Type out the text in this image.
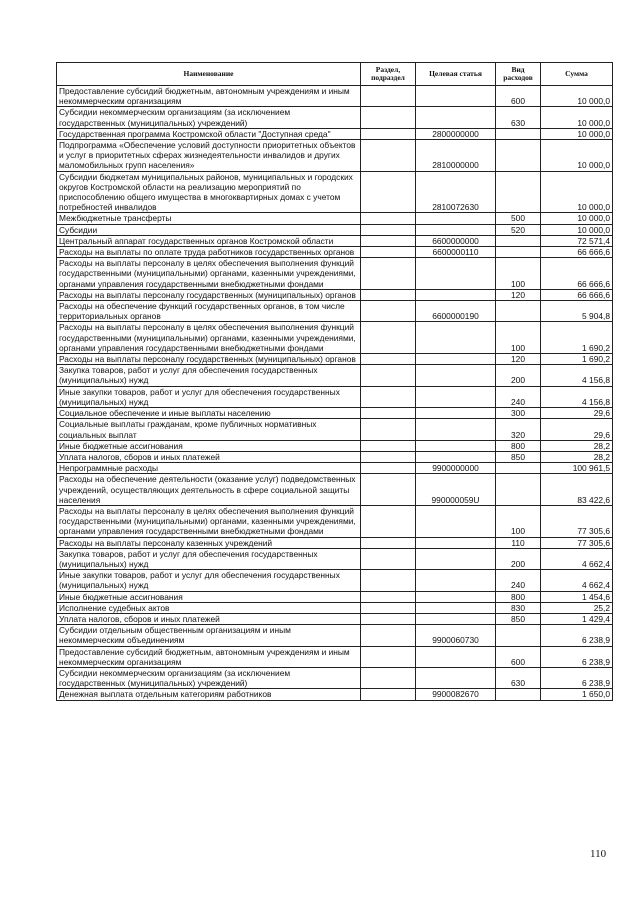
Наименование	Раздел, подраздел	Целевая статья	Вид расходов	Сумма
Предоставление субсидий бюджетным, автономным учреждениям и иным некоммерческим организациям			600	10 000,0
Субсидии некоммерческим организациям (за исключением государственных (муниципальных) учреждений)			630	10 000,0
Государственная программа Костромской области "Доступная среда"		2800000000		10 000,0
Подпрограмма «Обеспечение условий доступности приоритетных объектов и услуг в приоритетных сферах жизнедеятельности инвалидов и других маломобильных групп населения»		2810000000		10 000,0
Субсидии бюджетам муниципальных районов, муниципальных и городских округов Костромской области на реализацию мероприятий по приспособлению общего имущества в многоквартирных домах с учетом потребностей инвалидов		2810072630		10 000,0
Межбюджетные трансферты			500	10 000,0
Субсидии			520	10 000,0
Центральный аппарат государственных органов Костромской области		6600000000		72 571,4
Расходы на выплаты по оплате труда работников государственных органов		6600000110		66 666,6
Расходы на выплаты персоналу в целях обеспечения выполнения функций государственными (муниципальными) органами, казенными учреждениями, органами управления государственными внебюджетными фондами			100	66 666,6
Расходы на выплаты персоналу государственных (муниципальных) органов			120	66 666,6
Расходы на обеспечение функций государственных органов, в том числе территориальных органов		6600000190		5 904,8
Расходы на выплаты персоналу в целях обеспечения выполнения функций государственными (муниципальными) органами, казенными учреждениями, органами управления государственными внебюджетными фондами			100	1 690,2
Расходы на выплаты персоналу государственных (муниципальных) органов			120	1 690,2
Закупка товаров, работ и услуг для обеспечения государственных (муниципальных) нужд			200	4 156,8
Иные закупки товаров, работ и услуг для обеспечения государственных (муниципальных) нужд			240	4 156,8
Социальное обеспечение и иные выплаты населению			300	29,6
Социальные выплаты гражданам, кроме публичных нормативных социальных выплат			320	29,6
Иные бюджетные ассигнования			800	28,2
Уплата налогов, сборов и иных платежей			850	28,2
Непрограммные расходы		9900000000		100 961,5
Расходы на обеспечение деятельности (оказание услуг) подведомственных учреждений, осуществляющих деятельность в сфере социальной защиты населения		990000059U		83 422,6
Расходы на выплаты персоналу в целях обеспечения выполнения функций государственными (муниципальными) органами, казенными учреждениями, органами управления государственными внебюджетными фондами			100	77 305,6
Расходы на выплаты персоналу казенных учреждений			110	77 305,6
Закупка товаров, работ и услуг для обеспечения государственных (муниципальных) нужд			200	4 662,4
Иные закупки товаров, работ и услуг для обеспечения государственных (муниципальных) нужд			240	4 662,4
Иные бюджетные ассигнования			800	1 454,6
Исполнение судебных актов			830	25,2
Уплата налогов, сборов и иных платежей			850	1 429,4
Субсидии отдельным общественным организациям и иным некоммерческим объединениям		9900060730		6 238,9
Предоставление субсидий бюджетным, автономным учреждениям и иным некоммерческим организациям			600	6 238,9
Субсидии некоммерческим организациям (за исключением государственных (муниципальных) учреждений)			630	6 238,9
Денежная выплата отдельным категориям работников		9900082670		1 650,0
110
